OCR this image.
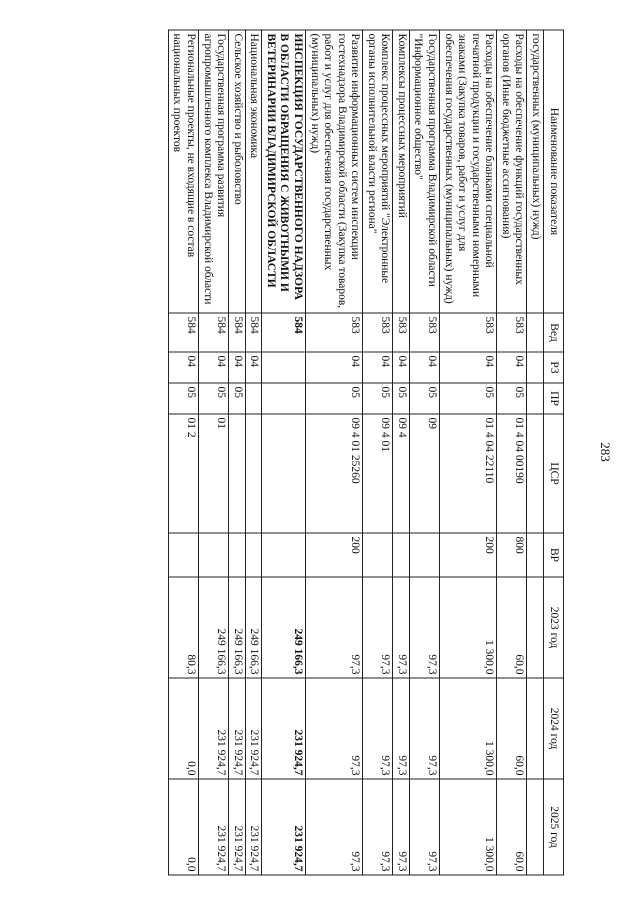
283
Наименование показателя	Вед	РЗ	ПР	ЦСР	ВР	2023 год	2024 год	2025 год
государственных (муниципальных) нужд)								
Расходы на обеспечение функций государственных органов (Иные бюджетные ассигнования)	583	04	05	01 4 04 00190	800	60,0	60,0	60,0
Расходы на обеспечение бланками специальной печатной продукции и государственными номерными знаками (Закупка товаров, работ и услуг для обеспечения государственных (муниципальных) нужд)	583	04	05	01 4 04 22110	200	1 300,0	1 300,0	1 300,0
Государственная программа Владимирской области "Информационное общество"	583	04	05	09		97,3	97,3	97,3
Комплексы процессных мероприятий	583	04	05	09 4		97,3	97,3	97,3
Комплекс процессных мероприятий "Электронные органы исполнительной власти региона"	583	04	05	09 4 01		97,3	97,3	97,3
Развитие информационных систем инспекции гостехнадзора Владимирской области (Закупка товаров, работ и услуг для обеспечения государственных (муниципальных) нужд)	583	04	05	09 4 01 25260	200	97,3	97,3	97,3
ИНСПЕКЦИЯ ГОСУДАРСТВЕННОГО НАДЗОРА В ОБЛАСТИ ОБРАЩЕНИЯ С ЖИВОТНЫМИ И ВЕТЕРИНАРИИ ВЛАДИМИРСКОЙ ОБЛАСТИ	584					249 166,3	231 924,7	231 924,7
Национальная экономика	584	04				249 166,3	231 924,7	231 924,7
Сельское хозяйство и рыболовство	584	04	05			249 166,3	231 924,7	231 924,7
Государственная программа развития агропромышленного комплекса Владимирской области	584	04	05	01		249 166,3	231 924,7	231 924,7
Региональные проекты, не входящие в состав национальных проектов	584	04	05	01 2		80,3	0,0	0,0
